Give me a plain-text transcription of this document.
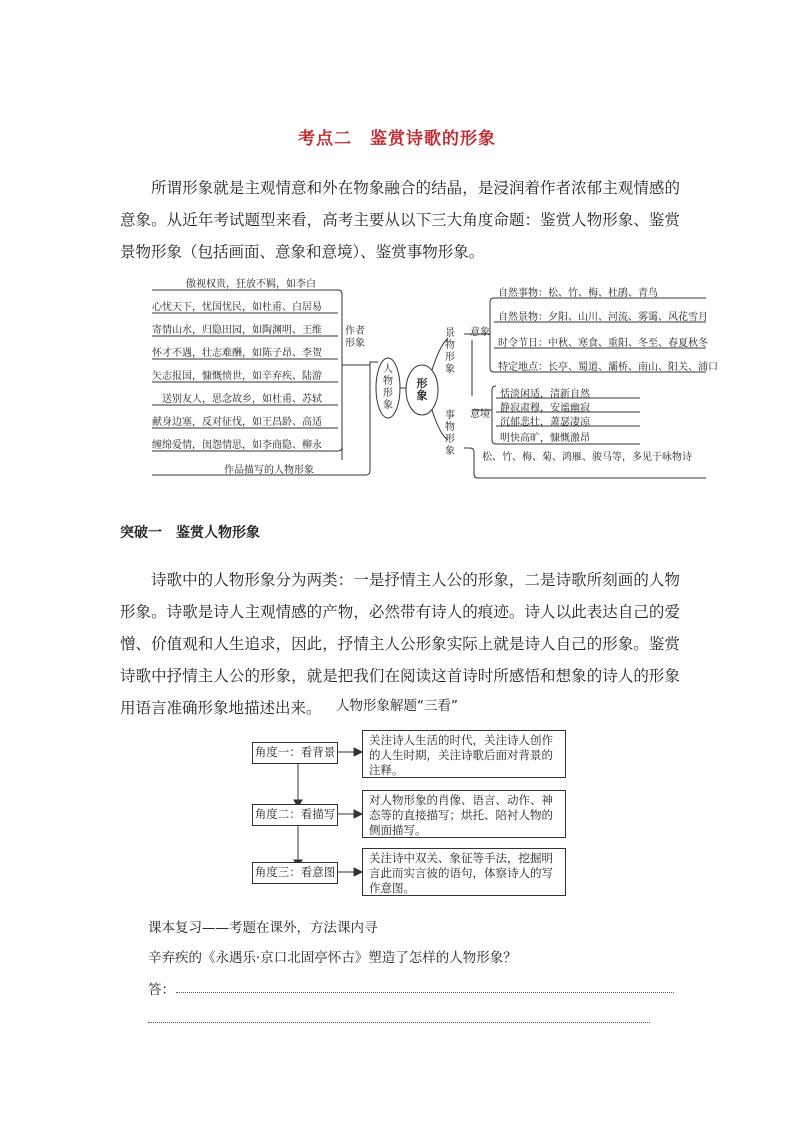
考点二　鉴赏诗歌的形象
所谓形象就是主观情意和外在物象融合的结晶，是浸润着作者浓郁主观情感的意象。从近年考试题型来看，高考主要从以下三大角度命题：鉴赏人物形象、鉴赏景物形象（包括画面、意象和意境）、鉴赏事物形象。
傲视权贵，狂放不羁，如李白
心忧天下，忧国忧民，如杜甫、白居易
寄情山水，归隐田园，如陶渊明、王维
怀才不遇，壮志难酬，如陈子昂、李贺
矢志报国，慷慨愤世，如辛弃疾、陆游
送别友人，思念故乡，如杜甫、苏轼
献身边塞，反对征伐，如王昌龄、高适
缠绵爱情，闺怨情思，如李商隐、柳永
作品描写的人物形象
作者形象
人物形象
形象
景物形象
意象
自然事物：松、竹、梅、杜鹃、青鸟
自然景物：夕阳、山川、河流、雾霭、风花雪月
时令节日：中秋、寒食、重阳、冬至、春夏秋冬
特定地点：长亭、蜀道、灞桥、南山、阳关、浦口
意境
恬淡闲适，清新自然
静寂肃穆，安谧幽寂
沉郁悲壮，萧瑟凄凉
明快高旷，慷慨激昂
事物形象
松、竹、梅、菊、鸿雁、骏马等，多见于咏物诗
突破一　鉴赏人物形象
诗歌中的人物形象分为两类：一是抒情主人公的形象，二是诗歌所刻画的人物形象。诗歌是诗人主观情感的产物，必然带有诗人的痕迹。诗人以此表达自己的爱憎、价值观和人生追求，因此，抒情主人公形象实际上就是诗人自己的形象。鉴赏诗歌中抒情主人公的形象，就是把我们在阅读这首诗时所感悟和想象的诗人的形象用语言准确形象地描述出来。	人物形象解题“三看”
角度一：看背景
关注诗人生活的时代，关注诗人创作的人生时期，关注诗歌后面对背景的注释。
角度二：看描写
对人物形象的肖像、语言、动作、神态等的直接描写；烘托、陪衬人物的侧面描写。
角度三：看意图
关注诗中双关、象征等手法，挖掘明言此而实言彼的语句，体察诗人的写作意图。
课本复习——考题在课外，方法课内寻
辛弃疾的《永遇乐·京口北固亭怀古》塑造了怎样的人物形象？
答：
